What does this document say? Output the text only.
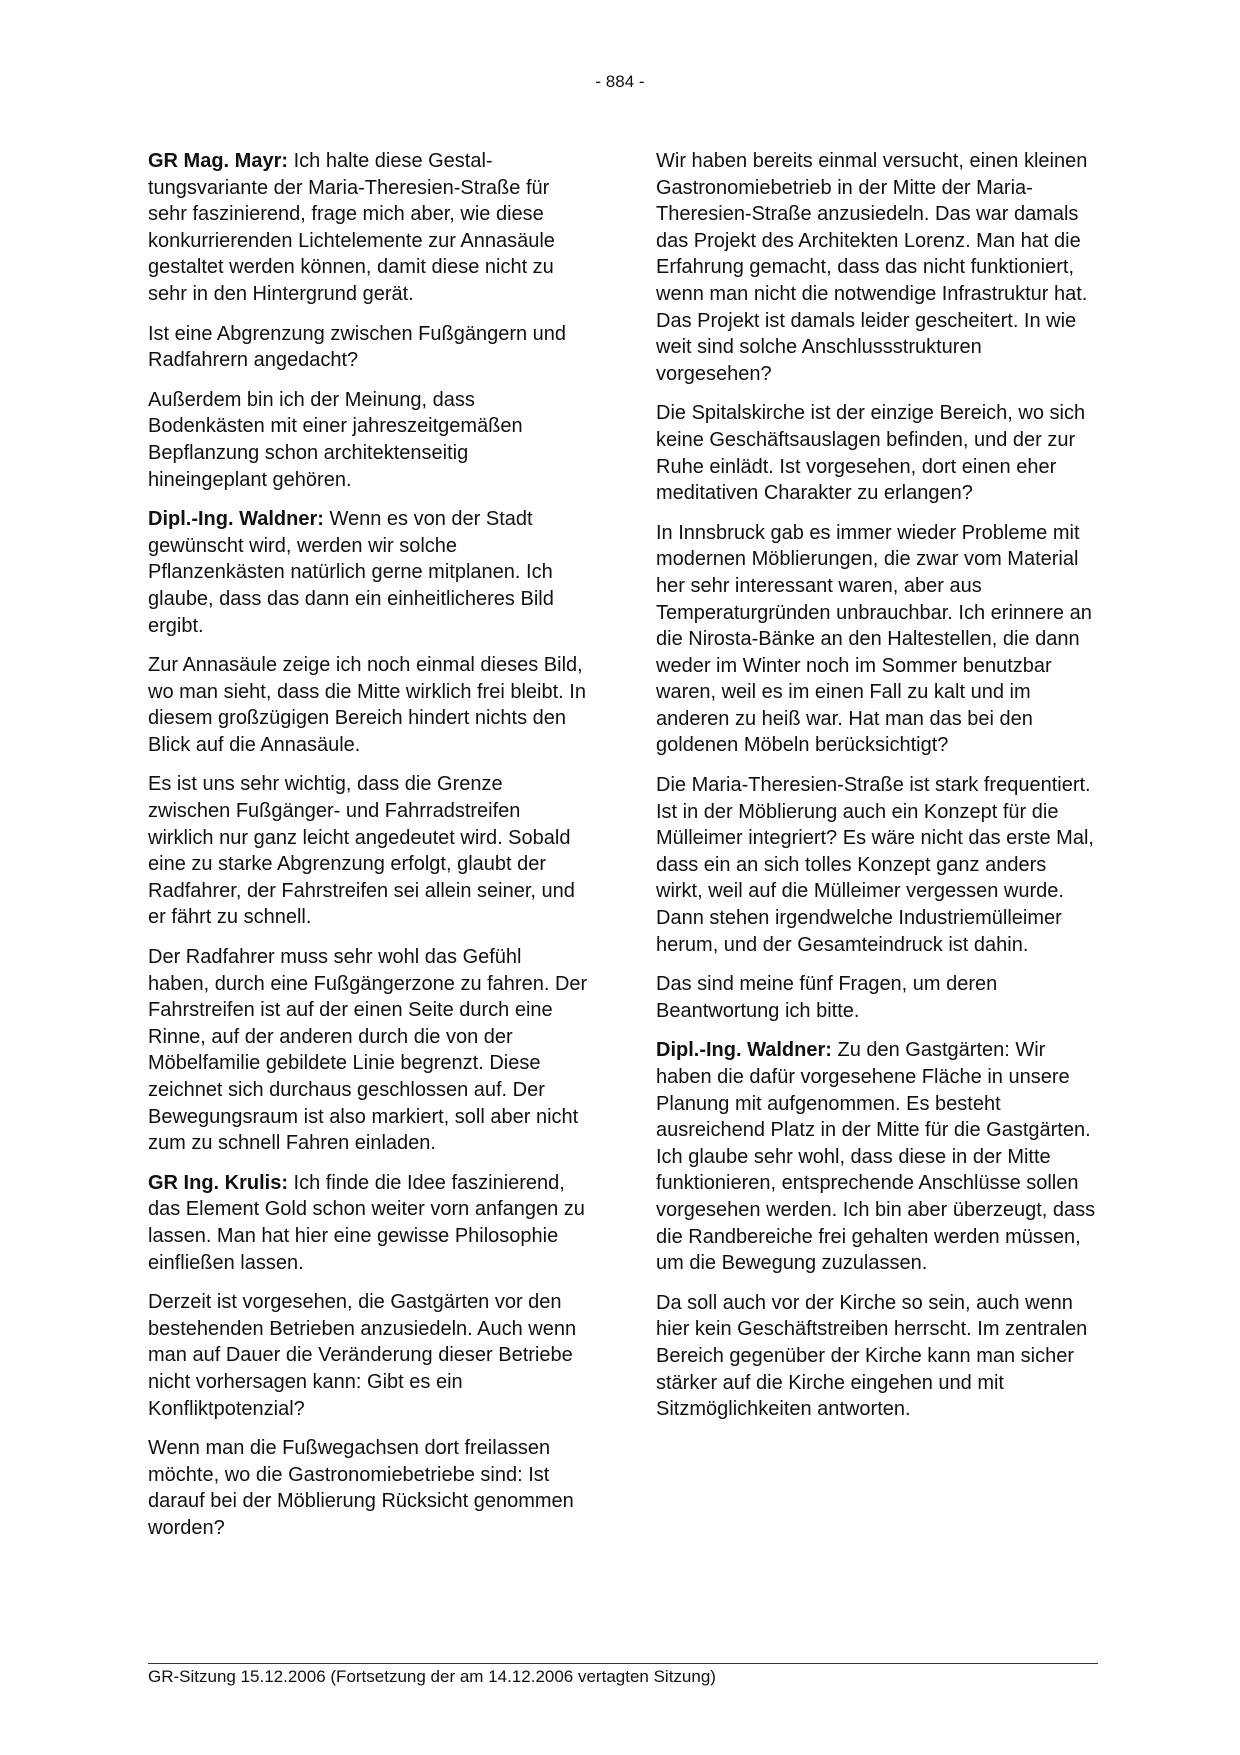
- 884 -

GR Mag. Mayr: Ich halte diese Gestaltungsvariante der Maria-Theresien-Straße für sehr faszinierend, frage mich aber, wie diese konkurrierenden Lichtelemente zur Annasäule gestaltet werden können, damit diese nicht zu sehr in den Hintergrund gerät.

Ist eine Abgrenzung zwischen Fußgängern und Radfahrern angedacht?

Außerdem bin ich der Meinung, dass Bodenkästen mit einer jahreszeitgemäßen Bepflanzung schon architektenseitig hineingeplant gehören.

Dipl.-Ing. Waldner: Wenn es von der Stadt gewünscht wird, werden wir solche Pflanzenkästen natürlich gerne mitplanen. Ich glaube, dass das dann ein einheitlicheres Bild ergibt.

Zur Annasäule zeige ich noch einmal dieses Bild, wo man sieht, dass die Mitte wirklich frei bleibt. In diesem großzügigen Bereich hindert nichts den Blick auf die Annasäule.

Es ist uns sehr wichtig, dass die Grenze zwischen Fußgänger- und Fahrradstreifen wirklich nur ganz leicht angedeutet wird. Sobald eine zu starke Abgrenzung erfolgt, glaubt der Radfahrer, der Fahrstreifen sei allein seiner, und er fährt zu schnell.

Der Radfahrer muss sehr wohl das Gefühl haben, durch eine Fußgängerzone zu fahren. Der Fahrstreifen ist auf der einen Seite durch eine Rinne, auf der anderen durch die von der Möbelfamilie gebildete Linie begrenzt. Diese zeichnet sich durchaus geschlossen auf. Der Bewegungsraum ist also markiert, soll aber nicht zum zu schnell Fahren einladen.

GR Ing. Krulis: Ich finde die Idee faszinierend, das Element Gold schon weiter vorn anfangen zu lassen. Man hat hier eine gewisse Philosophie einfließen lassen.

Derzeit ist vorgesehen, die Gastgärten vor den bestehenden Betrieben anzusiedeln. Auch wenn man auf Dauer die Veränderung dieser Betriebe nicht vorhersagen kann: Gibt es ein Konfliktpotenzial?

Wenn man die Fußwegachsen dort freilassen möchte, wo die Gastronomiebetriebe sind: Ist darauf bei der Möblierung Rücksicht genommen worden?

Wir haben bereits einmal versucht, einen kleinen Gastronomiebetrieb in der Mitte der Maria-Theresien-Straße anzusiedeln. Das war damals das Projekt des Architekten Lorenz. Man hat die Erfahrung gemacht, dass das nicht funktioniert, wenn man nicht die notwendige Infrastruktur hat. Das Projekt ist damals leider gescheitert. In wie weit sind solche Anschlussstrukturen vorgesehen?

Die Spitalskirche ist der einzige Bereich, wo sich keine Geschäftsauslagen befinden, und der zur Ruhe einlädt. Ist vorgesehen, dort einen eher meditativen Charakter zu erlangen?

In Innsbruck gab es immer wieder Probleme mit modernen Möblierungen, die zwar vom Material her sehr interessant waren, aber aus Temperaturgründen unbrauchbar. Ich erinnere an die Nirosta-Bänke an den Haltestellen, die dann weder im Winter noch im Sommer benutzbar waren, weil es im einen Fall zu kalt und im anderen zu heiß war. Hat man das bei den goldenen Möbeln berücksichtigt?

Die Maria-Theresien-Straße ist stark frequentiert. Ist in der Möblierung auch ein Konzept für die Mülleimer integriert? Es wäre nicht das erste Mal, dass ein an sich tolles Konzept ganz anders wirkt, weil auf die Mülleimer vergessen wurde. Dann stehen irgendwelche Industriemülleimer herum, und der Gesamteindruck ist dahin.

Das sind meine fünf Fragen, um deren Beantwortung ich bitte.

Dipl.-Ing. Waldner: Zu den Gastgärten: Wir haben die dafür vorgesehene Fläche in unsere Planung mit aufgenommen. Es besteht ausreichend Platz in der Mitte für die Gastgärten. Ich glaube sehr wohl, dass diese in der Mitte funktionieren, entsprechende Anschlüsse sollen vorgesehen werden. Ich bin aber überzeugt, dass die Randbereiche frei gehalten werden müssen, um die Bewegung zuzulassen.

Da soll auch vor der Kirche so sein, auch wenn hier kein Geschäftstreiben herrscht. Im zentralen Bereich gegenüber der Kirche kann man sicher stärker auf die Kirche eingehen und mit Sitzmöglichkeiten antworten.

GR-Sitzung 15.12.2006 (Fortsetzung der am 14.12.2006 vertagten Sitzung)
